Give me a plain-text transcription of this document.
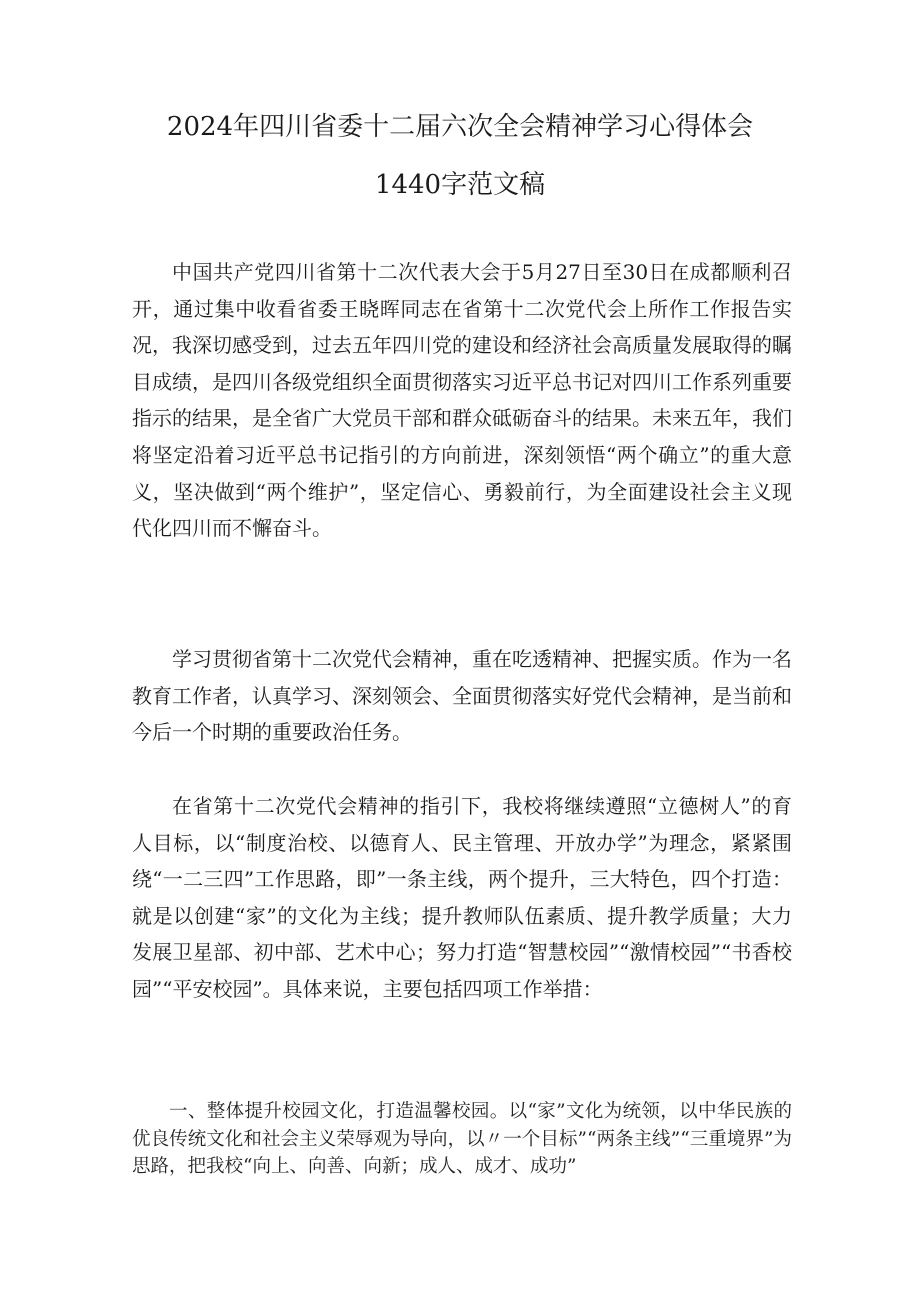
2024年四川省委十二届六次全会精神学习心得体会
1440字范文稿

中国共产党四川省第十二次代表大会于5月27日至30日在成都顺利召开，通过集中收看省委王晓晖同志在省第十二次党代会上所作工作报告实况，我深切感受到，过去五年四川党的建设和经济社会高质量发展取得的瞩目成绩，是四川各级党组织全面贯彻落实习近平总书记对四川工作系列重要指示的结果，是全省广大党员干部和群众砥砺奋斗的结果。未来五年，我们将坚定沿着习近平总书记指引的方向前进，深刻领悟“两个确立”的重大意义，坚决做到“两个维护”，坚定信心、勇毅前行，为全面建设社会主义现代化四川而不懈奋斗。

学习贯彻省第十二次党代会精神，重在吃透精神、把握实质。作为一名教育工作者，认真学习、深刻领会、全面贯彻落实好党代会精神，是当前和今后一个时期的重要政治任务。

在省第十二次党代会精神的指引下，我校将继续遵照“立德树人”的育人目标，以“制度治校、以德育人、民主管理、开放办学”为理念，紧紧围绕“一二三四”工作思路，即”一条主线，两个提升，三大特色，四个打造：就是以创建“家”的文化为主线；提升教师队伍素质、提升教学质量；大力发展卫星部、初中部、艺术中心；努力打造“智慧校园”“激情校园”“书香校园”“平安校园”。具体来说，主要包括四项工作举措：

一、整体提升校园文化，打造温馨校园。以“家”文化为统领，以中华民族的优良传统文化和社会主义荣辱观为导向，以〃一个目标”“两条主线”“三重境界”为思路，把我校“向上、向善、向新；成人、成才、成功”
